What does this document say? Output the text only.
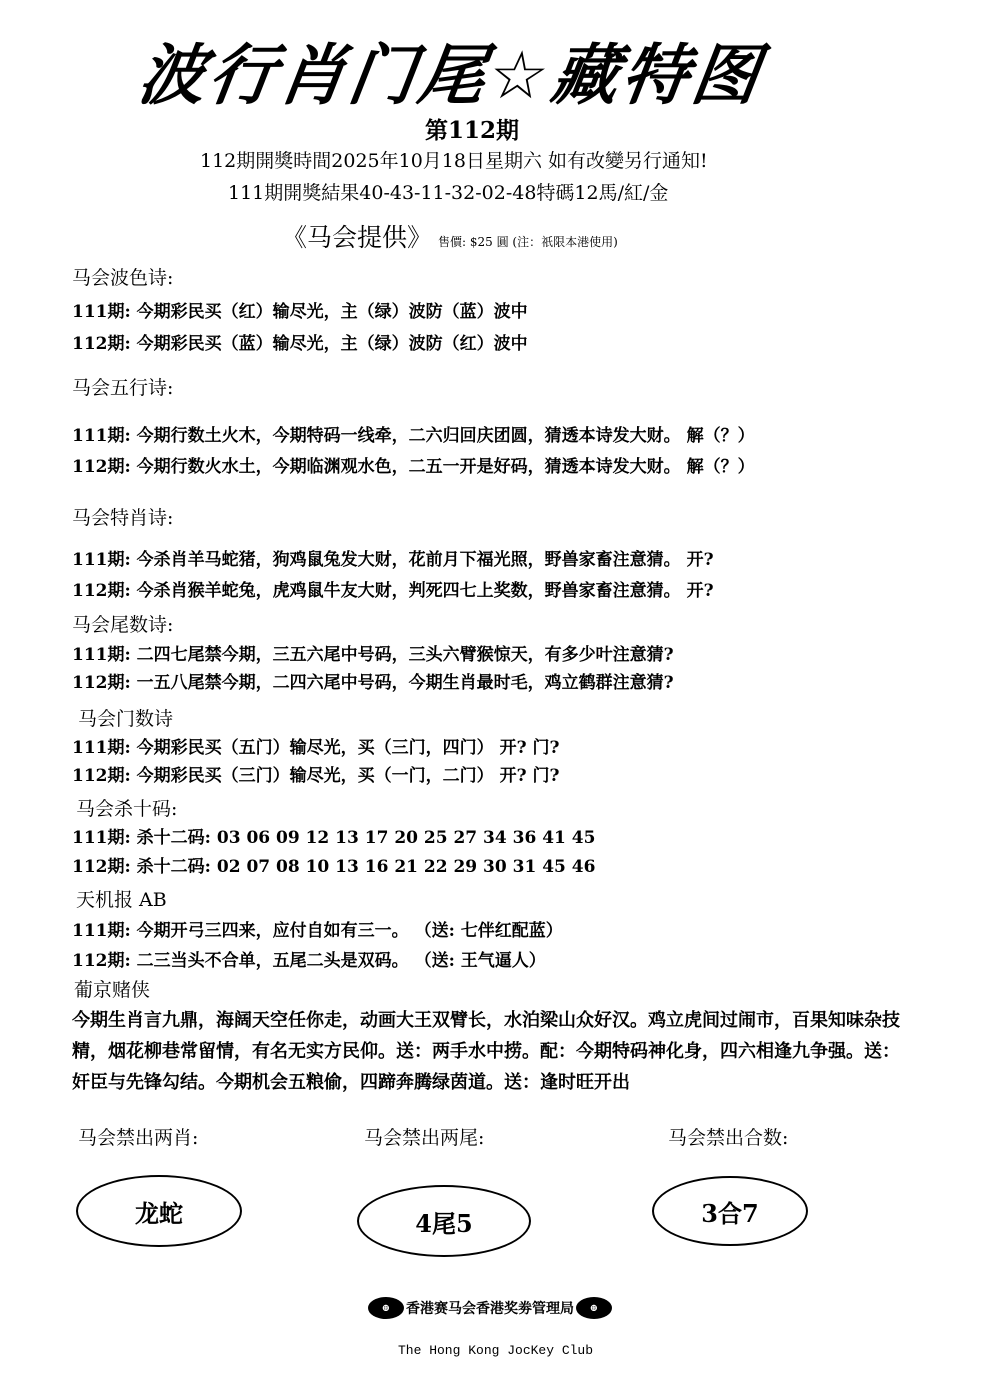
波行肖门尾☆藏特图
第112期
112期開獎時間2025年10月18日星期六 如有改變另行通知!
111期開獎結果40-43-11-32-02-48特碼12馬/紅/金
《马会提供》 售價: $25 圓 (注：祇限本港使用)
马会波色诗:
111期: 今期彩民买（红）输尽光，主（绿）波防（蓝）波中
112期: 今期彩民买（蓝）输尽光，主（绿）波防（红）波中
马会五行诗:
111期: 今期行数土火木，今期特码一线牵，二六归回庆团圆，猜透本诗发大财。 解（？）
112期: 今期行数火水土，今期临渊观水色，二五一开是好码，猜透本诗发大财。 解（？）
马会特肖诗:
111期: 今杀肖羊马蛇猪，狗鸡鼠兔发大财，花前月下福光照，野兽家畜注意猜。 开?
112期: 今杀肖猴羊蛇兔，虎鸡鼠牛友大财，判死四七上奖数，野兽家畜注意猜。 开?
马会尾数诗:
111期: 二四七尾禁今期，三五六尾中号码，三头六臂猴惊天，有多少叶注意猜?
112期: 一五八尾禁今期，二四六尾中号码，今期生肖最时毛，鸡立鹤群注意猜?
马会门数诗
111期: 今期彩民买（五门）输尽光，买（三门，四门） 开? 门?
112期: 今期彩民买（三门）输尽光，买（一门，二门） 开? 门?
马会杀十码:
111期: 杀十二码: 03 06 09 12 13 17 20 25 27 34 36 41 45
112期: 杀十二码: 02 07 08 10 13 16 21 22 29 30 31 45 46
天机报 AB
111期: 今期开弓三四来，应付自如有三一。 （送: 七伴红配蓝）
112期: 二三当头不合单，五尾二头是双码。 （送: 王气逼人）
葡京赌侠
今期生肖言九鼎，海阔天空任你走，动画大王双臂长，水泊梁山众好汉。鸡立虎间过闹市，百果知味杂技精，烟花柳巷常留情，有名无实方民仰。送：两手水中捞。配：今期特码神化身，四六相逢九争强。送：奸臣与先锋勾结。今期机会五粮偷，四蹄奔腾绿茵道。送：逢时旺开出
马会禁出两肖:	马会禁出两尾:	马会禁出合数:
龙蛇	4尾5	3合7
⊕	香港赛马会香港奖劵管理局	⊕
The Hong Kong JocKey Club
